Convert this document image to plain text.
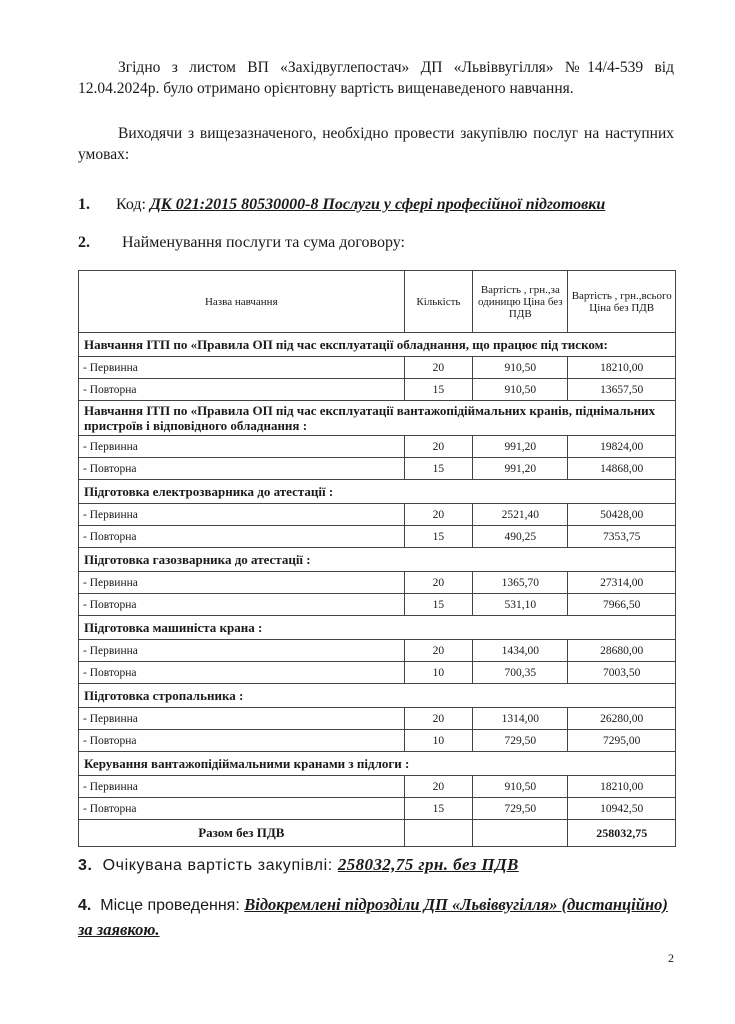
Згідно з листом ВП «Західвуглепостач» ДП «Львіввугілля» №14/4-539 від 12.04.2024р. було отримано орієнтовну вартість вищенаведеного навчання.
Виходячи з вищезазначеного, необхідно провести закупівлю послуг на наступних умовах:
1. Код: ДК 021:2015 80530000-8 Послуги у сфері професійної підготовки
2. Найменування послуги та сума договору:
Назва навчання	Кількість	Вартість , грн.,за одиницю Ціна без ПДВ	Вартість , грн.,всього Ціна без ПДВ
Навчання ІТП по «Правила ОП під час експлуатації обладнання, що працює під тиском:			
- Первинна	20	910,50	18210,00
- Повторна	15	910,50	13657,50
Навчання ІТП по «Правила ОП під час експлуатації вантажопідіймальних кранів, піднімальних пристроїв і відповідного обладнання :			
- Первинна	20	991,20	19824,00
- Повторна	15	991,20	14868,00
Підготовка електрозварника до атестації :			
- Первинна	20	2521,40	50428,00
- Повторна	15	490,25	7353,75
Підготовка газозварника до атестації :			
- Первинна	20	1365,70	27314,00
- Повторна	15	531,10	7966,50
Підготовка машиніста крана :			
- Первинна	20	1434,00	28680,00
- Повторна	10	700,35	7003,50
Підготовка стропальника :			
- Первинна	20	1314,00	26280,00
- Повторна	10	729,50	7295,00
Керування вантажопідіймальними кранами з підлоги :			
- Первинна	20	910,50	18210,00
- Повторна	15	729,50	10942,50
Разом без ПДВ			258032,75
3. Очікувана вартість закупівлі: 258032,75 грн. без ПДВ
4. Місце проведення: Відокремлені підрозділи ДП «Львіввугілля» (дистанційно) за заявкою.
2
